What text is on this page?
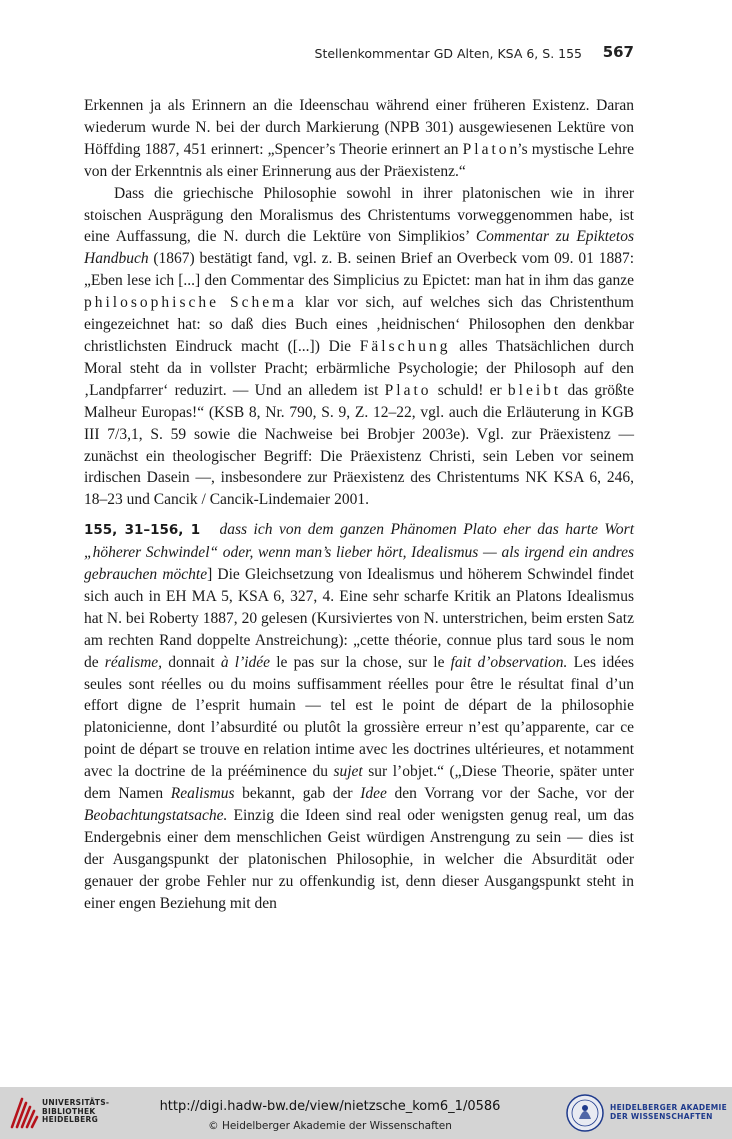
Stellenkommentar GD Alten, KSA 6, S. 155 567

Erkennen ja als Erinnern an die Ideenschau während einer früheren Existenz. Daran wiederum wurde N. bei der durch Markierung (NPB 301) ausgewiesenen Lektüre von Höffding 1887, 451 erinnert: „Spencer’s Theorie erinnert an Platon’s mystische Lehre von der Erkenntnis als einer Erinnerung aus der Präexistenz.“

Dass die griechische Philosophie sowohl in ihrer platonischen wie in ihrer stoischen Ausprägung den Moralismus des Christentums vorweggenommen habe, ist eine Auffassung, die N. durch die Lektüre von Simplikios’ Commentar zu Epiktetos Handbuch (1867) bestätigt fand, vgl. z. B. seinen Brief an Overbeck vom 09. 01 1887: „Eben lese ich [...] den Commentar des Simplicius zu Epictet: man hat in ihm das ganze philosophische Schema klar vor sich, auf welches sich das Christenthum eingezeichnet hat: so daß dies Buch eines ‚heidnischen‘ Philosophen den denkbar christlichsten Eindruck macht ([...]) Die Fälschung alles Thatsächlichen durch Moral steht da in vollster Pracht; erbärmliche Psychologie; der Philosoph auf den ‚Landpfarrer‘ reduzirt. — Und an alledem ist Plato schuld! er bleibt das größte Malheur Europas!“ (KSB 8, Nr. 790, S. 9, Z. 12–22, vgl. auch die Erläuterung in KGB III 7/3,1, S. 59 sowie die Nachweise bei Brobjer 2003e). Vgl. zur Präexistenz — zunächst ein theologischer Begriff: Die Präexistenz Christi, sein Leben vor seinem irdischen Dasein —, insbesondere zur Präexistenz des Christentums NK KSA 6, 246, 18–23 und Cancik / Cancik-Lindemaier 2001.

155, 31–156, 1 dass ich von dem ganzen Phänomen Plato eher das harte Wort „höherer Schwindel“ oder, wenn man’s lieber hört, Idealismus — als irgend ein andres gebrauchen möchte] Die Gleichsetzung von Idealismus und höherem Schwindel findet sich auch in EH MA 5, KSA 6, 327, 4. Eine sehr scharfe Kritik an Platons Idealismus hat N. bei Roberty 1887, 20 gelesen (Kursiviertes von N. unterstrichen, beim ersten Satz am rechten Rand doppelte Anstreichung): „cette théorie, connue plus tard sous le nom de réalisme, donnait à l’idée le pas sur la chose, sur le fait d’observation. Les idées seules sont réelles ou du moins suffisamment réelles pour être le résultat final d’un effort digne de l’esprit humain — tel est le point de départ de la philosophie platonicienne, dont l’absurdité ou plutôt la grossière erreur n’est qu’apparente, car ce point de départ se trouve en relation intime avec les doctrines ultérieures, et notamment avec la doctrine de la prééminence du sujet sur l’objet.“ („Diese Theorie, später unter dem Namen Realismus bekannt, gab der Idee den Vorrang vor der Sache, vor der Beobachtungstatsache. Einzig die Ideen sind real oder wenigsten genug real, um das Endergebnis einer dem menschlichen Geist würdigen Anstrengung zu sein — dies ist der Ausgangspunkt der platonischen Philosophie, in welcher die Absurdität oder genauer der grobe Fehler nur zu offenkundig ist, denn dieser Ausgangspunkt steht in einer engen Beziehung mit den

UNIVERSITÄTS-
BIBLIOTHEK
HEIDELBERG
http://digi.hadw-bw.de/view/nietzsche_kom6_1/0586
© Heidelberger Akademie der Wissenschaften
HEIDELBERGER AKADEMIE
DER WISSENSCHAFTEN
